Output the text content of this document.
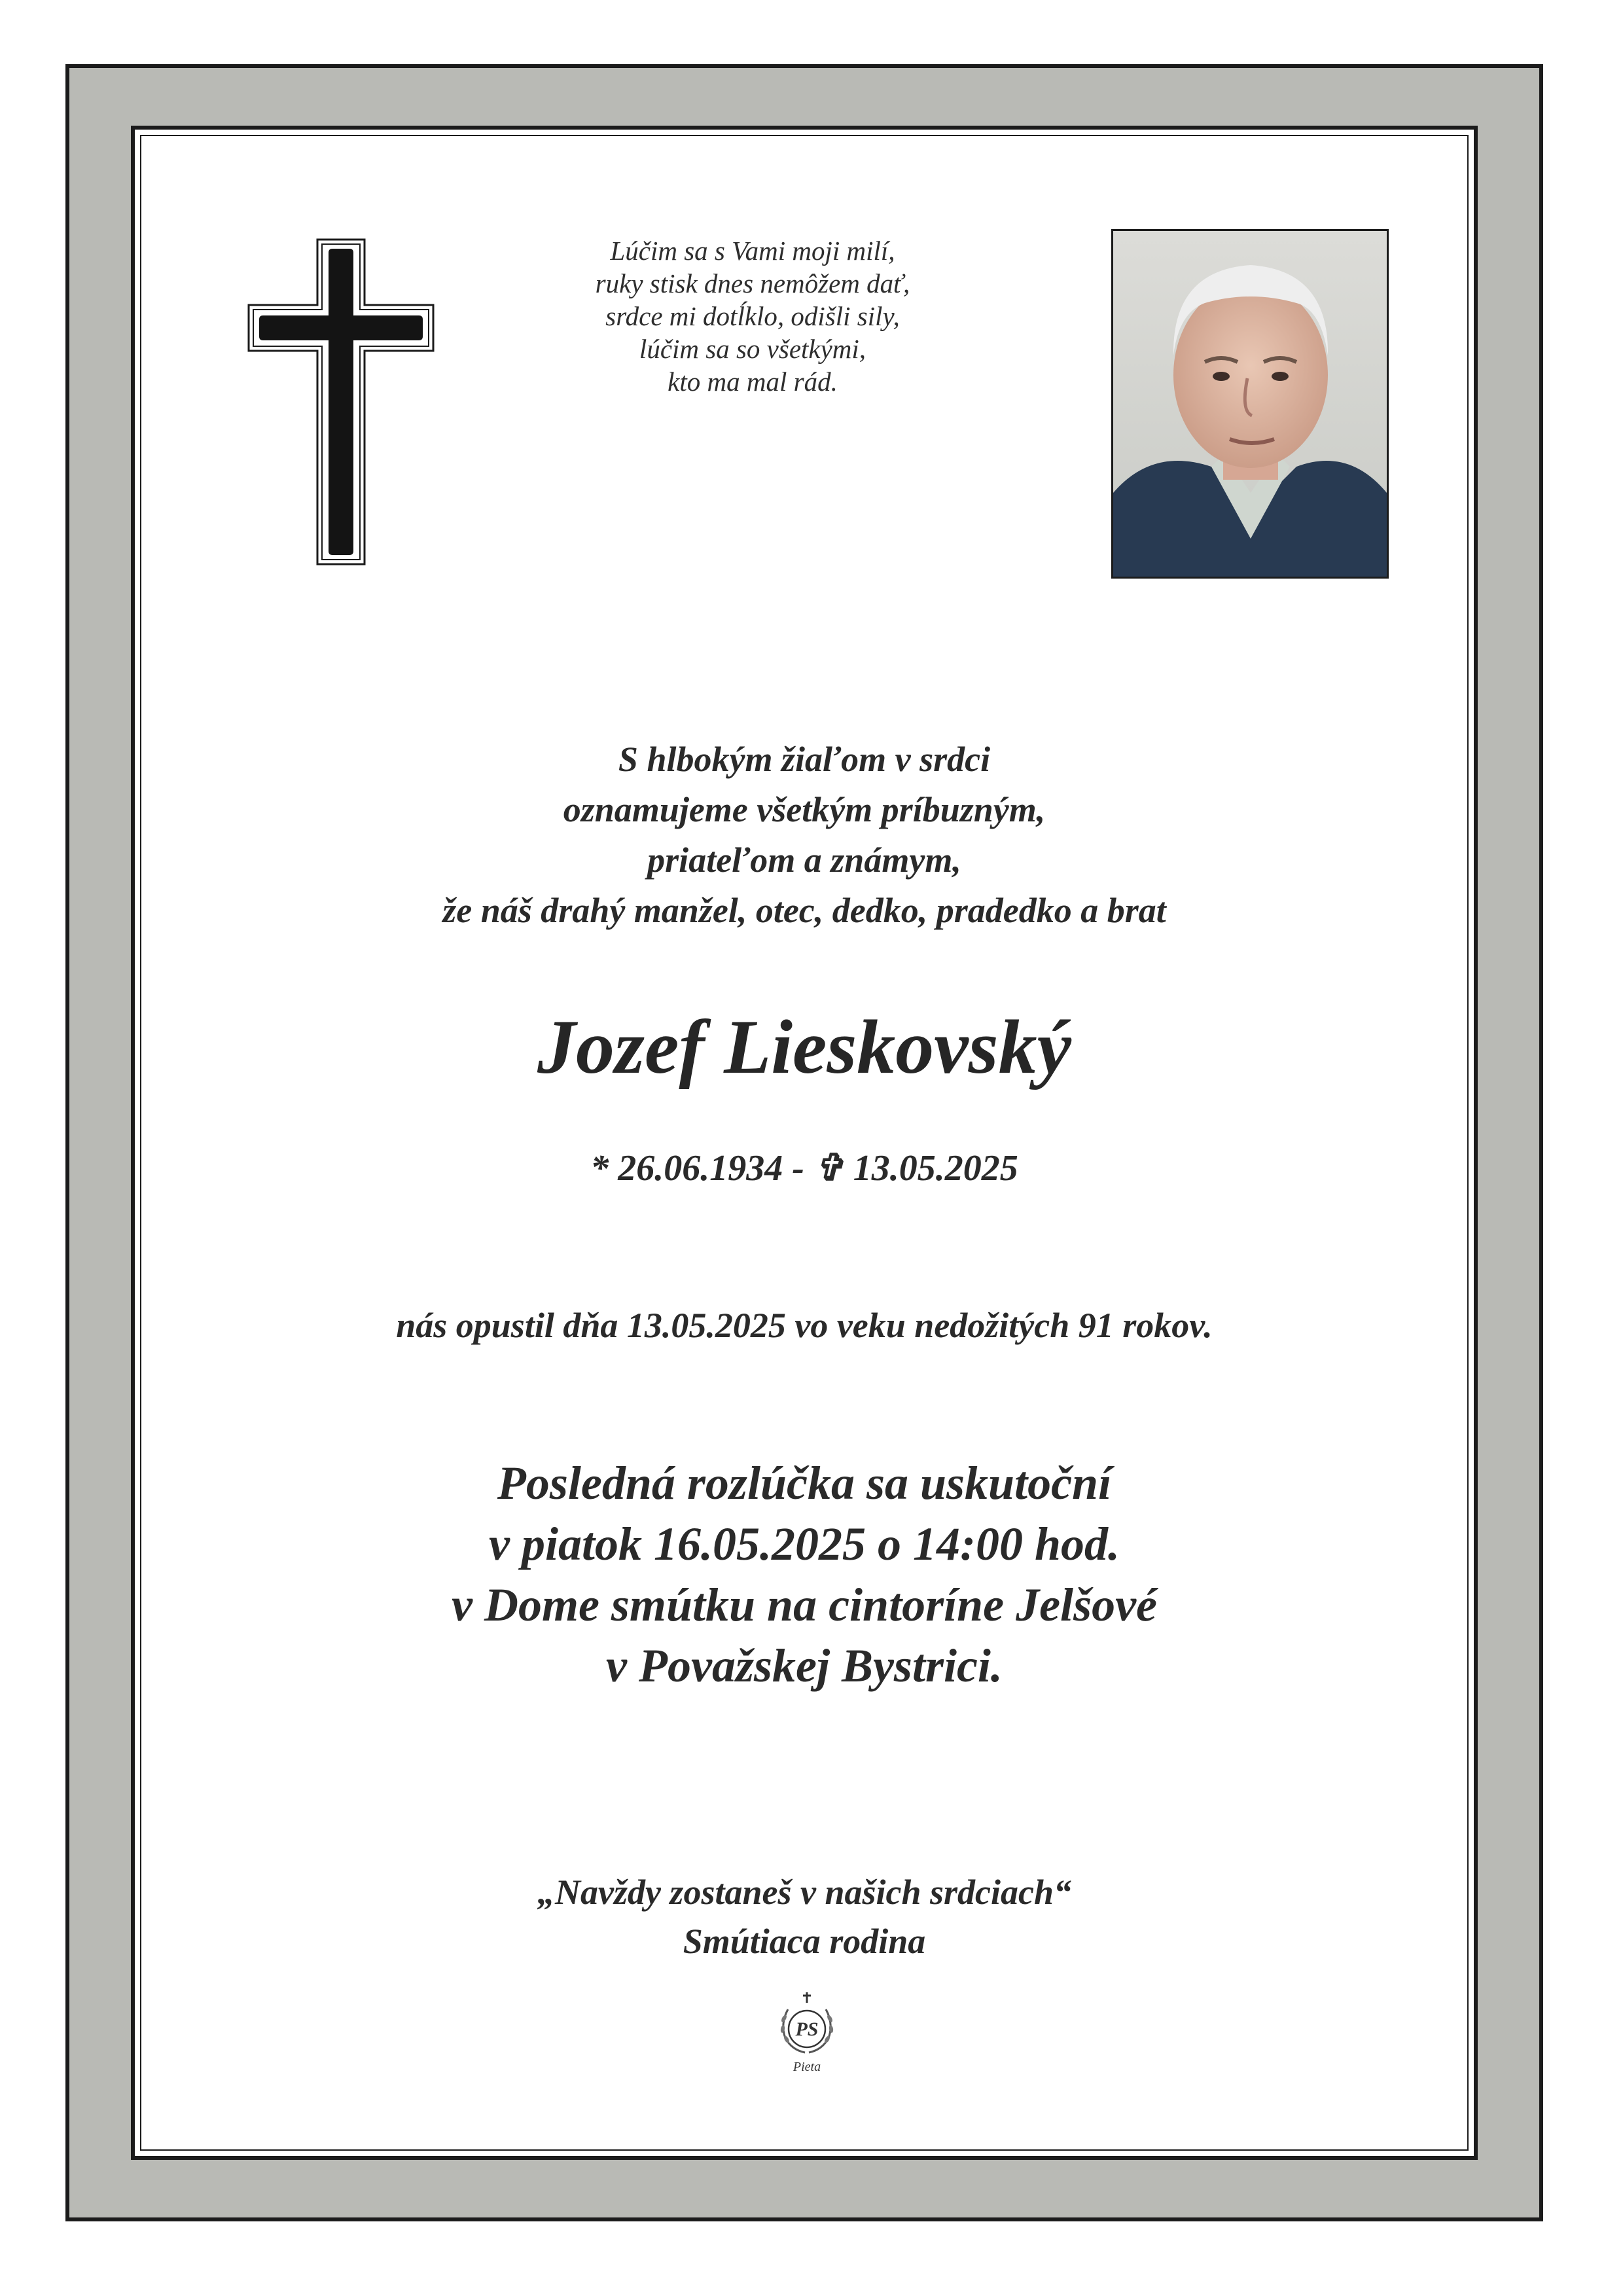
Lúčim sa s Vami moji milí,
ruky stisk dnes nemôžem dať,
srdce mi dotĺklo, odišli sily,
lúčim sa so všetkými,
kto ma mal rád.
S hlbokým žiaľom v srdci
oznamujeme všetkým príbuzným,
priateľom a známym,
že náš drahý manžel, otec, dedko, pradedko a brat
Jozef Lieskovský
* 26.06.1934 - ✞ 13.05.2025
nás opustil dňa 13.05.2025 vo veku nedožitých 91 rokov.
Posledná rozlúčka sa uskutoční
v piatok 16.05.2025 o 14:00 hod.
v Dome smútku na cintoríne Jelšové
v Považskej Bystrici.
„Navždy zostaneš v našich srdciach“
Smútiaca rodina
PS
Pieta
